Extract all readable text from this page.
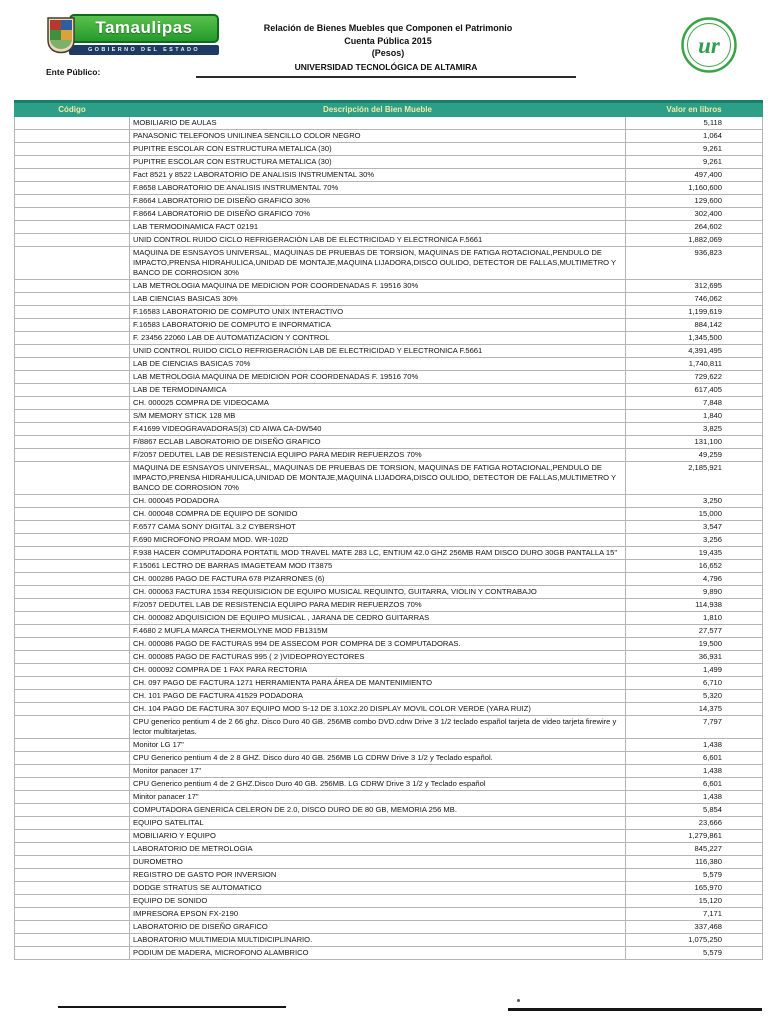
Tamaulipas
GOBIERNO DEL ESTADO
Relación de Bienes Muebles que Componen el Patrimonio
Cuenta Pública 2015
(Pesos)
Ente Público:	UNIVERSIDAD TECNOLÓGICA DE ALTAMIRA
ur
Código	Descripción del Bien Mueble	Valor en libros
	MOBILIARIO DE AULAS	5,118
	PANASONIC TELEFONOS UNILINEA SENCILLO COLOR NEGRO	1,064
	PUPITRE ESCOLAR CON ESTRUCTURA METALICA (30)	9,261
	PUPITRE ESCOLAR CON ESTRUCTURA METALICA (30)	9,261
	Fact 8521 y 8522 LABORATORIO DE ANALISIS INSTRUMENTAL 30%	497,400
	F.8658 LABORATORIO DE ANALISIS INSTRUMENTAL 70%	1,160,600
	F.8664 LABORATORIO DE DISEÑO GRAFICO 30%	129,600
	F.8664 LABORATORIO DE DISEÑO GRAFICO 70%	302,400
	LAB TERMODINAMICA FACT 02191	264,602
	UNID CONTROL RUIDO CICLO REFRIGERACIÓN LAB DE ELECTRICIDAD Y ELECTRONICA F.5661	1,882,069
	MAQUINA DE ESNSAYOS UNIVERSAL, MAQUINAS DE PRUEBAS DE TORSION, MAQUINAS DE FATIGA ROTACIONAL,PENDULO DE IMPACTO,PRENSA HIDRAHULICA,UNIDAD DE MONTAJE,MAQUINA LIJADORA,DISCO OULIDO, DETECTOR DE FALLAS,MULTIMETRO Y BANCO DE CORROSION 30%	936,823
	LAB METROLOGIA MAQUINA DE MEDICION POR COORDENADAS F. 19516 30%	312,695
	LAB CIENCIAS BASICAS 30%	746,062
	F.16583 LABORATORIO DE COMPUTO UNIX INTERACTIVO	1,199,619
	F.16583 LABORATORIO DE COMPUTO E INFORMATICA	884,142
	F. 23456 22060 LAB DE AUTOMATIZACION Y CONTROL	1,345,500
	UNID CONTROL RUIDO CICLO REFRIGERACIÓN LAB DE ELECTRICIDAD Y ELECTRONICA F.5661	4,391,495
	LAB DE CIENCIAS BASICAS 70%	1,740,811
	LAB METROLOGIA MAQUINA DE MEDICION POR COORDENADAS F. 19516 70%	729,622
	LAB DE TERMODINAMICA	617,405
	CH. 000025 COMPRA DE VIDEOCAMA	7,848
	S/M MEMORY STICK 128 MB	1,840
	F.41699 VIDEOGRAVADORAS(3) CD AIWA CA-DW540	3,825
	F/8867 ECLAB LABORATORIO DE DISEÑO GRAFICO	131,100
	F/2057 DEDUTEL LAB DE RESISTENCIA EQUIPO PARA MEDIR REFUERZOS 70%	49,259
	MAQUINA DE ESNSAYOS UNIVERSAL, MAQUINAS DE PRUEBAS DE TORSION, MAQUINAS DE FATIGA ROTACIONAL,PENDULO DE IMPACTO,PRENSA HIDRAHULICA,UNIDAD DE MONTAJE,MAQUINA LIJADORA,DISCO OULIDO, DETECTOR DE FALLAS,MULTIMETRO Y BANCO DE CORROSION 70%	2,185,921
	CH. 000045 PODADORA	3,250
	CH. 000048 COMPRA DE EQUIPO DE SONIDO	15,000
	F.6577 CAMA SONY DIGITAL 3.2 CYBERSHOT	3,547
	F.690 MICROFONO PROAM MOD. WR-102D	3,256
	F.938 HACER COMPUTADORA PORTATIL MOD TRAVEL MATE 283 LC, ENTIUM 42.0 GHZ 256MB RAM DISCO DURO 30GB PANTALLA 15"	19,435
	F.15061 LECTRO DE BARRAS IMAGETEAM MOD IT3875	16,652
	CH. 000286 PAGO DE FACTURA 678 PIZARRONES (6)	4,796
	CH. 000063 FACTURA 1534 REQUISICION DE EQUIPO MUSICAL REQUINTO, GUITARRA, VIOLIN Y CONTRABAJO	9,890
	F/2057 DEDUTEL LAB DE RESISTENCIA EQUIPO PARA MEDIR REFUERZOS 70%	114,938
	CH. 000082 ADQUISICION DE EQUIPO MUSICAL , JARANA DE CEDRO GUITARRAS	1,810
	F.4680 2 MUFLA MARCA THERMOLYNE MOD FB1315M	27,577
	CH. 000086 PAGO DE FACTURAS 994 DE ASSECOM POR COMPRA DE 3 COMPUTADORAS.	19,500
	CH. 000085 PAGO DE FACTURAS 995 ( 2 )VIDEOPROYECTORES	36,931
	CH. 000092 COMPRA DE 1 FAX PARA RECTORIA	1,499
	CH. 097 PAGO DE FACTURA 1271 HERRAMIENTA PARA ÁREA DE MANTENIMIENTO	6,710
	CH. 101 PAGO DE FACTURA 41529 PODADORA	5,320
	CH. 104 PAGO DE FACTURA 307 EQUIPO MOD S-12 DE 3.10X2.20 DISPLAY MOVIL COLOR VERDE (YARA RUIZ)	14,375
	CPU generico pentium 4 de 2 66 ghz. Disco Duro 40 GB. 256MB combo DVD.cdrw Drive 3 1/2 teclado español tarjeta de video tarjeta firewire y lector multitarjetas.	7,797
	Monitor LG 17"	1,438
	CPU Generico pentium 4 de 2 8 GHZ. Disco duro 40 GB. 256MB LG CDRW Drive 3 1/2 y Teclado español.	6,601
	Monitor panacer 17"	1,438
	CPU Generico pentium 4 de 2 GHZ.Disco Duro 40 GB. 256MB. LG CDRW Drive 3 1/2 y Teclado español	6,601
	Minitor panacer 17"	1,438
	COMPUTADORA GENERICA CELERON DE 2.0, DISCO DURO DE 80 GB, MEMORIA 256 MB.	5,854
	EQUIPO SATELITAL	23,666
	MOBILIARIO Y EQUIPO	1,279,861
	LABORATORIO DE METROLOGIA	845,227
	DUROMETRO	116,380
	REGISTRO DE GASTO POR INVERSION	5,579
	DODGE STRATUS SE AUTOMATICO	165,970
	EQUIPO DE SONIDO	15,120
	IMPRESORA EPSON FX-2190	7,171
	LABORATORIO DE DISEÑO GRAFICO	337,468
	LABORATORIO MULTIMEDIA MULTIDICIPLINARIO.	1,075,250
	PODIUM DE MADERA, MICROFONO ALAMBRICO	5,579
